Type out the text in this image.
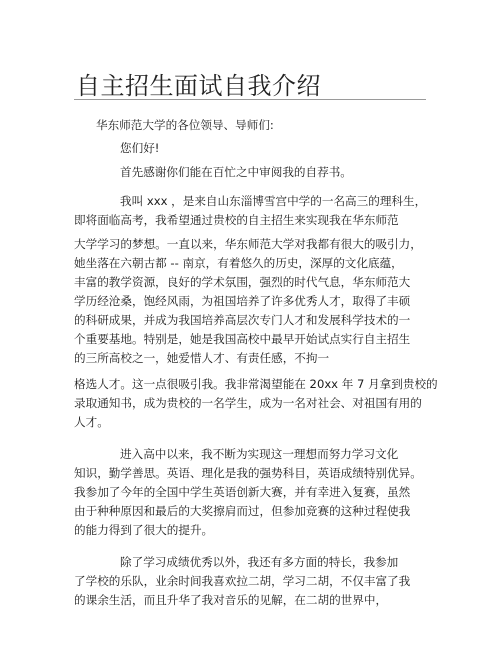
自主招生面试自我介绍
华东师范大学的各位领导、导师们:
您们好!
首先感谢你们能在百忙之中审阅我的自荐书。
我叫 xxx ，是来自山东淄博雪宫中学的一名高三的理科生，
即将面临高考，我希望通过贵校的自主招生来实现我在华东师范
大学学习的梦想。一直以来，华东师范大学对我都有很大的吸引力，
她坐落在六朝古都 -- 南京，有着悠久的历史，深厚的文化底蕴，
丰富的教学资源，良好的学术氛围，强烈的时代气息，华东师范大
学历经沧桑，饱经风雨，为祖国培养了许多优秀人才，取得了丰硕
的科研成果，并成为我国培养高层次专门人才和发展科学技术的一
个重要基地。特别是，她是我国高校中最早开始试点实行自主招生
的三所高校之一，她爱惜人才、有责任感，不拘一
格选人才。这一点很吸引我。我非常渴望能在 20xx 年 7 月拿到贵校的
录取通知书，成为贵校的一名学生，成为一名对社会、对祖国有用的
人才。
进入高中以来，我不断为实现这一理想而努力学习文化
知识，勤学善思。英语、理化是我的强势科目，英语成绩特别优异。
我参加了今年的全国中学生英语创新大赛，并有幸进入复赛，虽然
由于种种原因和最后的大奖擦肩而过，但参加竞赛的这种过程使我
的能力得到了很大的提升。
除了学习成绩优秀以外，我还有多方面的特长，我参加
了学校的乐队，业余时间我喜欢拉二胡，学习二胡，不仅丰富了我
的课余生活，而且升华了我对音乐的见解，在二胡的世界中，
